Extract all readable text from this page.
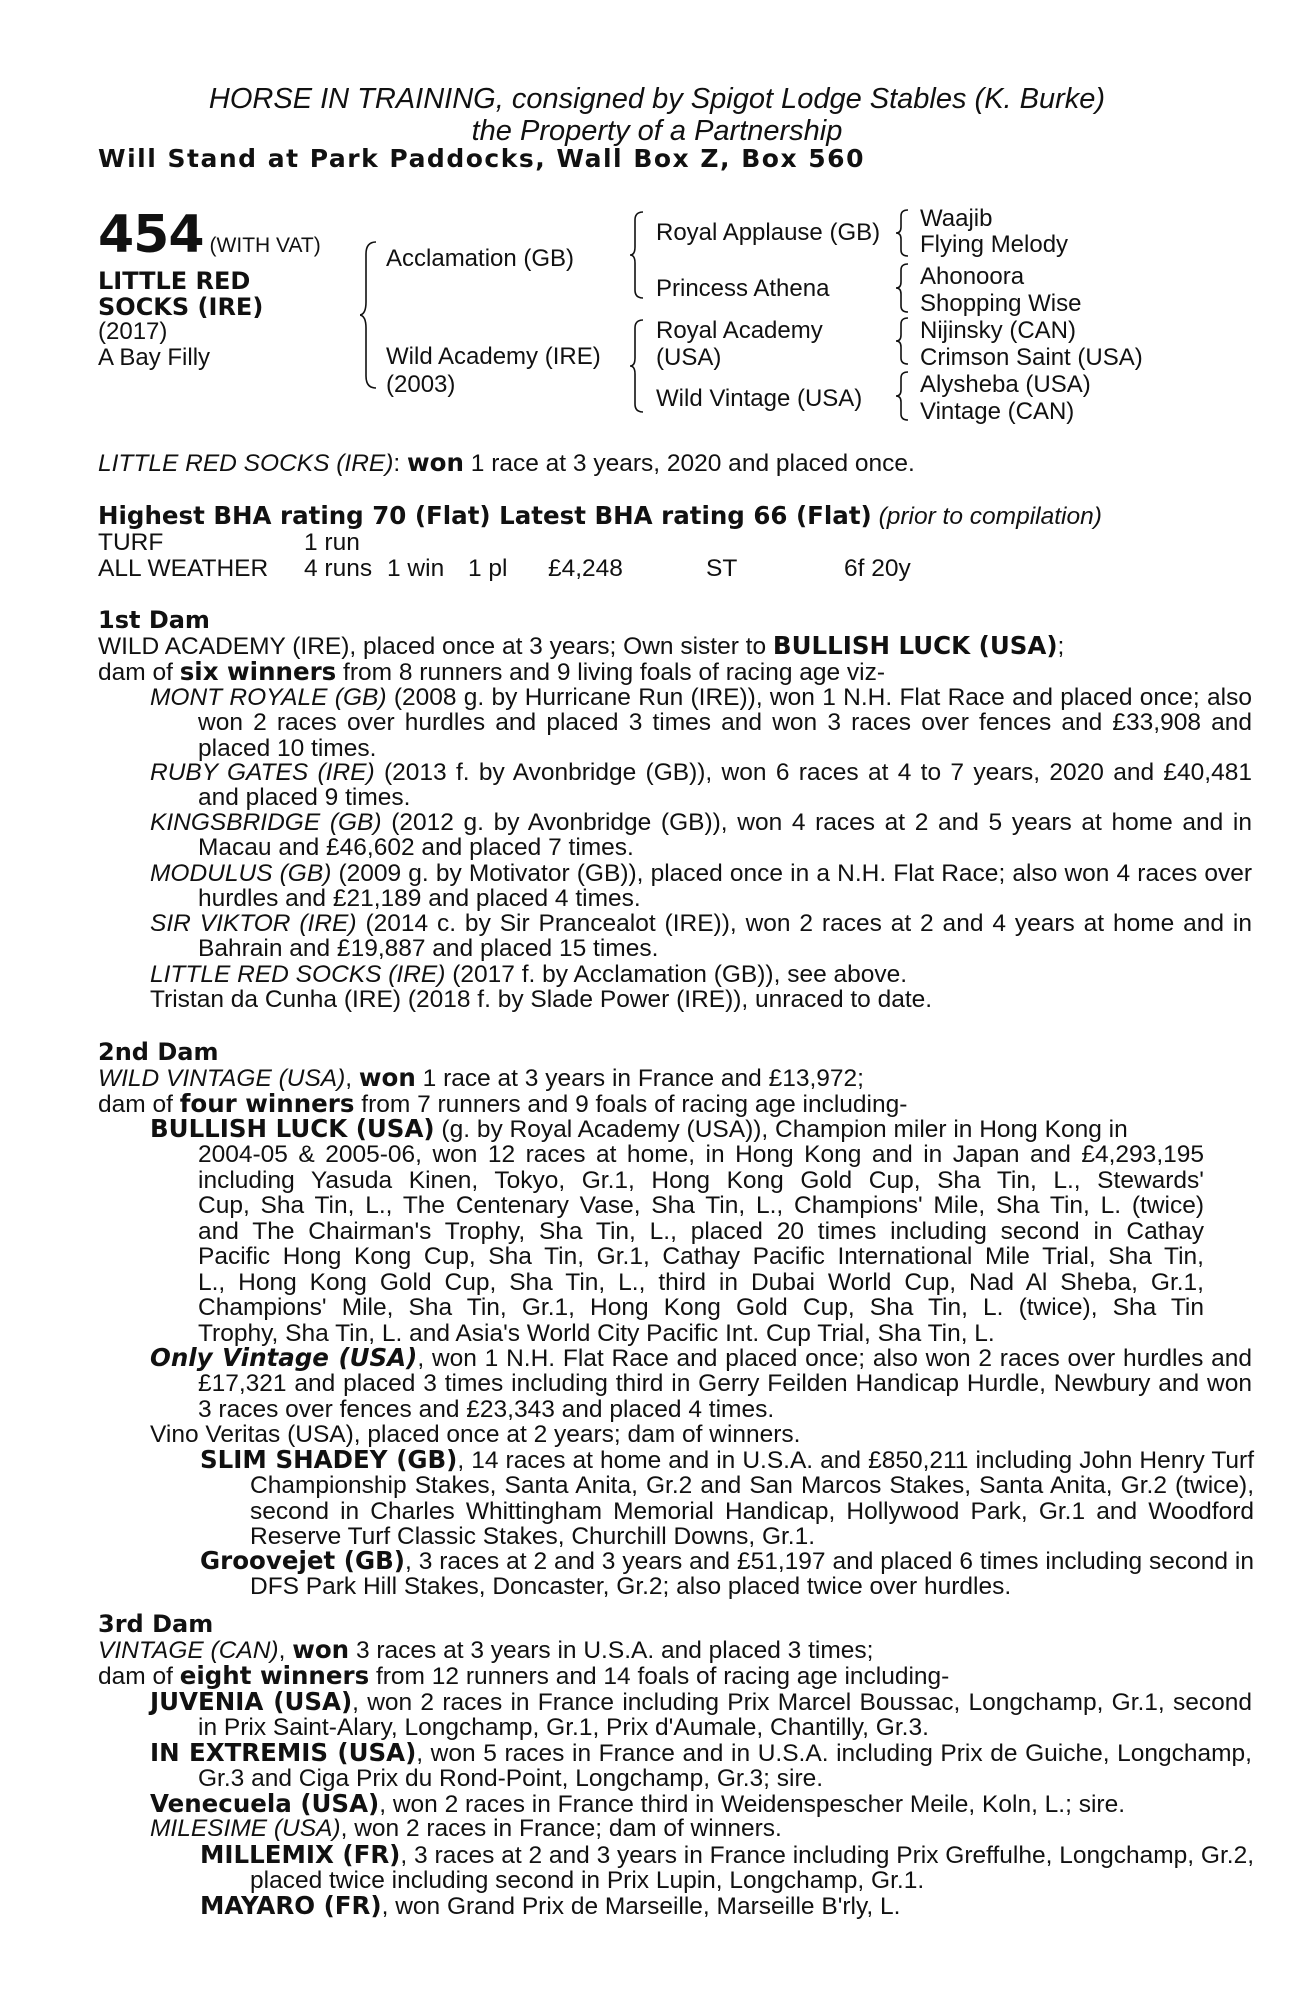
HORSE IN TRAINING, consigned by Spigot Lodge Stables (K. Burke)
the Property of a Partnership
Will Stand at Park Paddocks, Wall Box Z, Box 560
454 (WITH VAT)
LITTLE RED
SOCKS (IRE)
(2017)
A Bay Filly
Acclamation (GB)
Wild Academy (IRE)
(2003)
Royal Applause (GB)
Princess Athena
Royal Academy
(USA)
Wild Vintage (USA)
Waajib
Flying Melody
Ahonoora
Shopping Wise
Nijinsky (CAN)
Crimson Saint (USA)
Alysheba (USA)
Vintage (CAN)
LITTLE RED SOCKS (IRE): won 1 race at 3 years, 2020 and placed once.
Highest BHA rating 70 (Flat) Latest BHA rating 66 (Flat) (prior to compilation)
TURF	1 run
ALL WEATHER 4 runs 1 win 1 pl £4,248	ST	6f 20y
1st Dam
WILD ACADEMY (IRE), placed once at 3 years; Own sister to BULLISH LUCK (USA);
dam of six winners from 8 runners and 9 living foals of racing age viz-
MONT ROYALE (GB) (2008 g. by Hurricane Run (IRE)), won 1 N.H. Flat Race and placed once; also won 2 races over hurdles and placed 3 times and won 3 races over fences and £33,908 and placed 10 times.
RUBY GATES (IRE) (2013 f. by Avonbridge (GB)), won 6 races at 4 to 7 years, 2020 and £40,481 and placed 9 times.
KINGSBRIDGE (GB) (2012 g. by Avonbridge (GB)), won 4 races at 2 and 5 years at home and in Macau and £46,602 and placed 7 times.
MODULUS (GB) (2009 g. by Motivator (GB)), placed once in a N.H. Flat Race; also won 4 races over hurdles and £21,189 and placed 4 times.
SIR VIKTOR (IRE) (2014 c. by Sir Prancealot (IRE)), won 2 races at 2 and 4 years at home and in Bahrain and £19,887 and placed 15 times.
LITTLE RED SOCKS (IRE) (2017 f. by Acclamation (GB)), see above.
Tristan da Cunha (IRE) (2018 f. by Slade Power (IRE)), unraced to date.
2nd Dam
WILD VINTAGE (USA), won 1 race at 3 years in France and £13,972;
dam of four winners from 7 runners and 9 foals of racing age including-
BULLISH LUCK (USA) (g. by Royal Academy (USA)), Champion miler in Hong Kong in
2004-05 & 2005-06, won 12 races at home, in Hong Kong and in Japan and £4,293,195
including Yasuda Kinen, Tokyo, Gr.1, Hong Kong Gold Cup, Sha Tin, L., Stewards'
Cup, Sha Tin, L., The Centenary Vase, Sha Tin, L., Champions' Mile, Sha Tin, L. (twice)
and The Chairman's Trophy, Sha Tin, L., placed 20 times including second in Cathay
Pacific Hong Kong Cup, Sha Tin, Gr.1, Cathay Pacific International Mile Trial, Sha Tin,
L., Hong Kong Gold Cup, Sha Tin, L., third in Dubai World Cup, Nad Al Sheba, Gr.1,
Champions' Mile, Sha Tin, Gr.1, Hong Kong Gold Cup, Sha Tin, L. (twice), Sha Tin
Trophy, Sha Tin, L. and Asia's World City Pacific Int. Cup Trial, Sha Tin, L.
Only Vintage (USA), won 1 N.H. Flat Race and placed once; also won 2 races over hurdles and £17,321 and placed 3 times including third in Gerry Feilden Handicap Hurdle, Newbury and won 3 races over fences and £23,343 and placed 4 times.
Vino Veritas (USA), placed once at 2 years; dam of winners.
SLIM SHADEY (GB), 14 races at home and in U.S.A. and £850,211 including John Henry Turf Championship Stakes, Santa Anita, Gr.2 and San Marcos Stakes, Santa Anita, Gr.2 (twice), second in Charles Whittingham Memorial Handicap, Hollywood Park, Gr.1 and Woodford Reserve Turf Classic Stakes, Churchill Downs, Gr.1.
Groovejet (GB), 3 races at 2 and 3 years and £51,197 and placed 6 times including second in DFS Park Hill Stakes, Doncaster, Gr.2; also placed twice over hurdles.
3rd Dam
VINTAGE (CAN), won 3 races at 3 years in U.S.A. and placed 3 times;
dam of eight winners from 12 runners and 14 foals of racing age including-
JUVENIA (USA), won 2 races in France including Prix Marcel Boussac, Longchamp, Gr.1, second in Prix Saint-Alary, Longchamp, Gr.1, Prix d'Aumale, Chantilly, Gr.3.
IN EXTREMIS (USA), won 5 races in France and in U.S.A. including Prix de Guiche, Longchamp, Gr.3 and Ciga Prix du Rond-Point, Longchamp, Gr.3; sire.
Venecuela (USA), won 2 races in France third in Weidenspescher Meile, Koln, L.; sire.
MILESIME (USA), won 2 races in France; dam of winners.
MILLEMIX (FR), 3 races at 2 and 3 years in France including Prix Greffulhe, Longchamp, Gr.2, placed twice including second in Prix Lupin, Longchamp, Gr.1.
MAYARO (FR), won Grand Prix de Marseille, Marseille B'rly, L.
